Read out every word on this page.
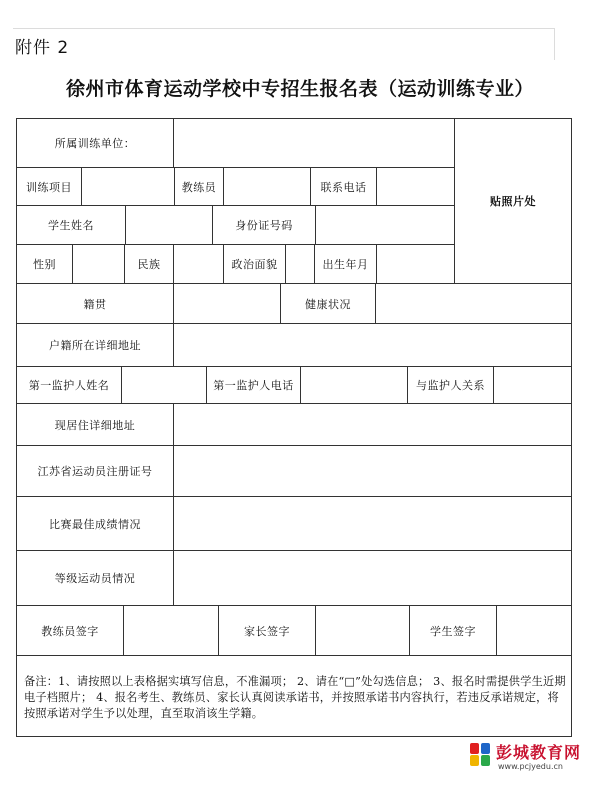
附件 2
徐州市体育运动学校中专招生报名表（运动训练专业）
所属训练单位：
贴照片处
训练项目	教练员	联系电话
学生姓名	身份证号码
性别	民族	政治面貌	出生年月
籍贯	健康状况
户籍所在详细地址
第一监护人姓名	第一监护人电话	与监护人关系
现居住详细地址
江苏省运动员注册证号
比赛最佳成绩情况
等级运动员情况
教练员签字	家长签字	学生签字
备注：1、请按照以上表格据实填写信息，不准漏项； 2、请在“□”处勾选信息； 3、报名时需提供学生近期电子档照片； 4、报名考生、教练员、家长认真阅读承诺书，并按照承诺书内容执行，若违反承诺规定，将按照承诺对学生予以处理，直至取消该生学籍。
彭城教育网
www.pcjyedu.cn
